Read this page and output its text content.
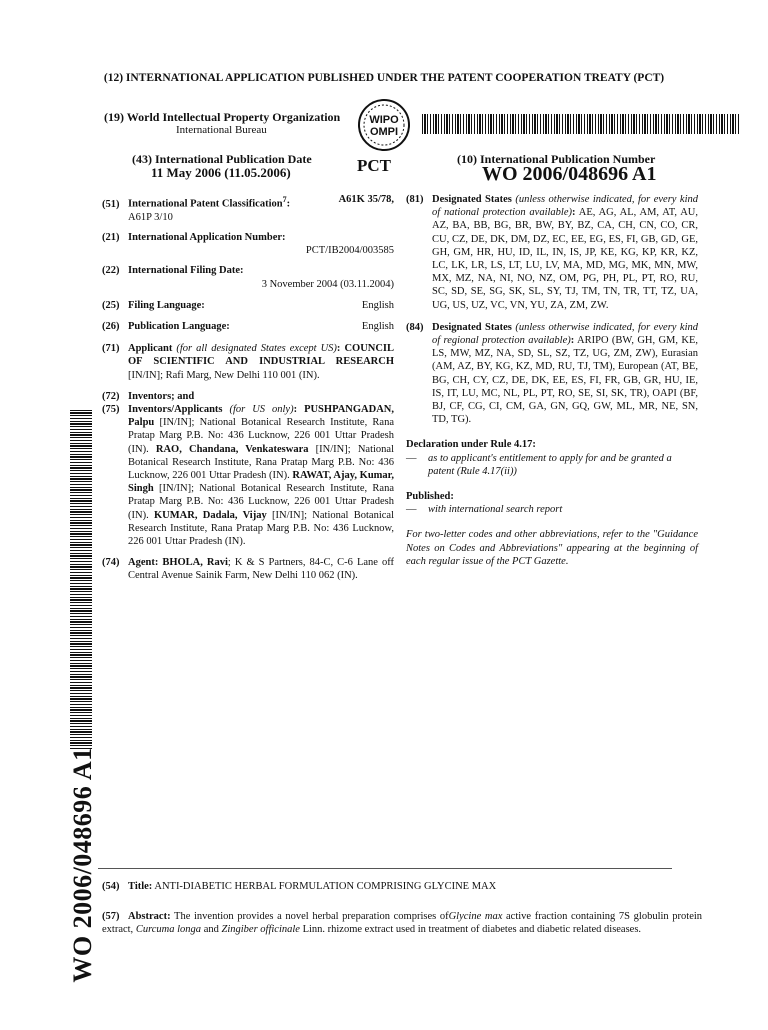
(12) INTERNATIONAL APPLICATION PUBLISHED UNDER THE PATENT COOPERATION TREATY (PCT)
(19) World Intellectual Property Organization
International Bureau
WIPO
OMPI
(43) International Publication Date
11 May 2006 (11.05.2006)	PCT	(10) International Publication Number
WO 2006/048696 A1
(51) International Patent Classification$^7$:	A61K 35/78,
A61P 3/10
(21) International Application Number:
PCT/IB2004/003585
(22) International Filing Date:
3 November 2004 (03.11.2004)
(25) Filing Language:	English
(26) Publication Language:	English
(71) Applicant (for all designated States except US): COUNCIL OF SCIENTIFIC AND INDUSTRIAL RESEARCH [IN/IN]; Rafi Marg, New Delhi 110 001 (IN).
(72) Inventors; and
(75) Inventors/Applicants (for US only): PUSHPANGADAN, Palpu [IN/IN]; National Botanical Research Institute, Rana Pratap Marg P.B. No: 436 Lucknow, 226 001 Uttar Pradesh (IN). RAO, Chandana, Venkateswara [IN/IN]; National Botanical Research Institute, Rana Pratap Marg P.B. No: 436 Lucknow, 226 001 Uttar Pradesh (IN). RAWAT, Ajay, Kumar, Singh [IN/IN]; National Botanical Research Institute, Rana Pratap Marg P.B. No: 436 Lucknow, 226 001 Uttar Pradesh (IN). KUMAR, Dadala, Vijay [IN/IN]; National Botanical Research Institute, Rana Pratap Marg P.B. No: 436 Lucknow, 226 001 Uttar Pradesh (IN).
(74) Agent: BHOLA, Ravi; K & S Partners, 84-C, C-6 Lane off Central Avenue Sainik Farm, New Delhi 110 062 (IN).
(81) Designated States (unless otherwise indicated, for every kind of national protection available): AE, AG, AL, AM, AT, AU, AZ, BA, BB, BG, BR, BW, BY, BZ, CA, CH, CN, CO, CR, CU, CZ, DE, DK, DM, DZ, EC, EE, EG, ES, FI, GB, GD, GE, GH, GM, HR, HU, ID, IL, IN, IS, JP, KE, KG, KP, KR, KZ, LC, LK, LR, LS, LT, LU, LV, MA, MD, MG, MK, MN, MW, MX, MZ, NA, NI, NO, NZ, OM, PG, PH, PL, PT, RO, RU, SC, SD, SE, SG, SK, SL, SY, TJ, TM, TN, TR, TT, TZ, UA, UG, US, UZ, VC, VN, YU, ZA, ZM, ZW.
(84) Designated States (unless otherwise indicated, for every kind of regional protection available): ARIPO (BW, GH, GM, KE, LS, MW, MZ, NA, SD, SL, SZ, TZ, UG, ZM, ZW), Eurasian (AM, AZ, BY, KG, KZ, MD, RU, TJ, TM), European (AT, BE, BG, CH, CY, CZ, DE, DK, EE, ES, FI, FR, GB, GR, HU, IE, IS, IT, LU, MC, NL, PL, PT, RO, SE, SI, SK, TR), OAPI (BF, BJ, CF, CG, CI, CM, GA, GN, GQ, GW, ML, MR, NE, SN, TD, TG).
Declaration under Rule 4.17:
—	as to applicant's entitlement to apply for and be granted a patent (Rule 4.17(ii))
Published:
—	with international search report
For two-letter codes and other abbreviations, refer to the "Guidance Notes on Codes and Abbreviations" appearing at the beginning of each regular issue of the PCT Gazette.
WO 2006/048696 A1 (54) Title: ANTI-DIABETIC HERBAL FORMULATION COMPRISING GLYCINE MAX
(57) Abstract: The invention provides a novel herbal preparation comprises ofGlycine max active fraction containing 7S globulin protein extract, Curcuma longa and Zingiber officinale Linn. rhizome extract used in treatment of diabetes and diabetic related diseases.
